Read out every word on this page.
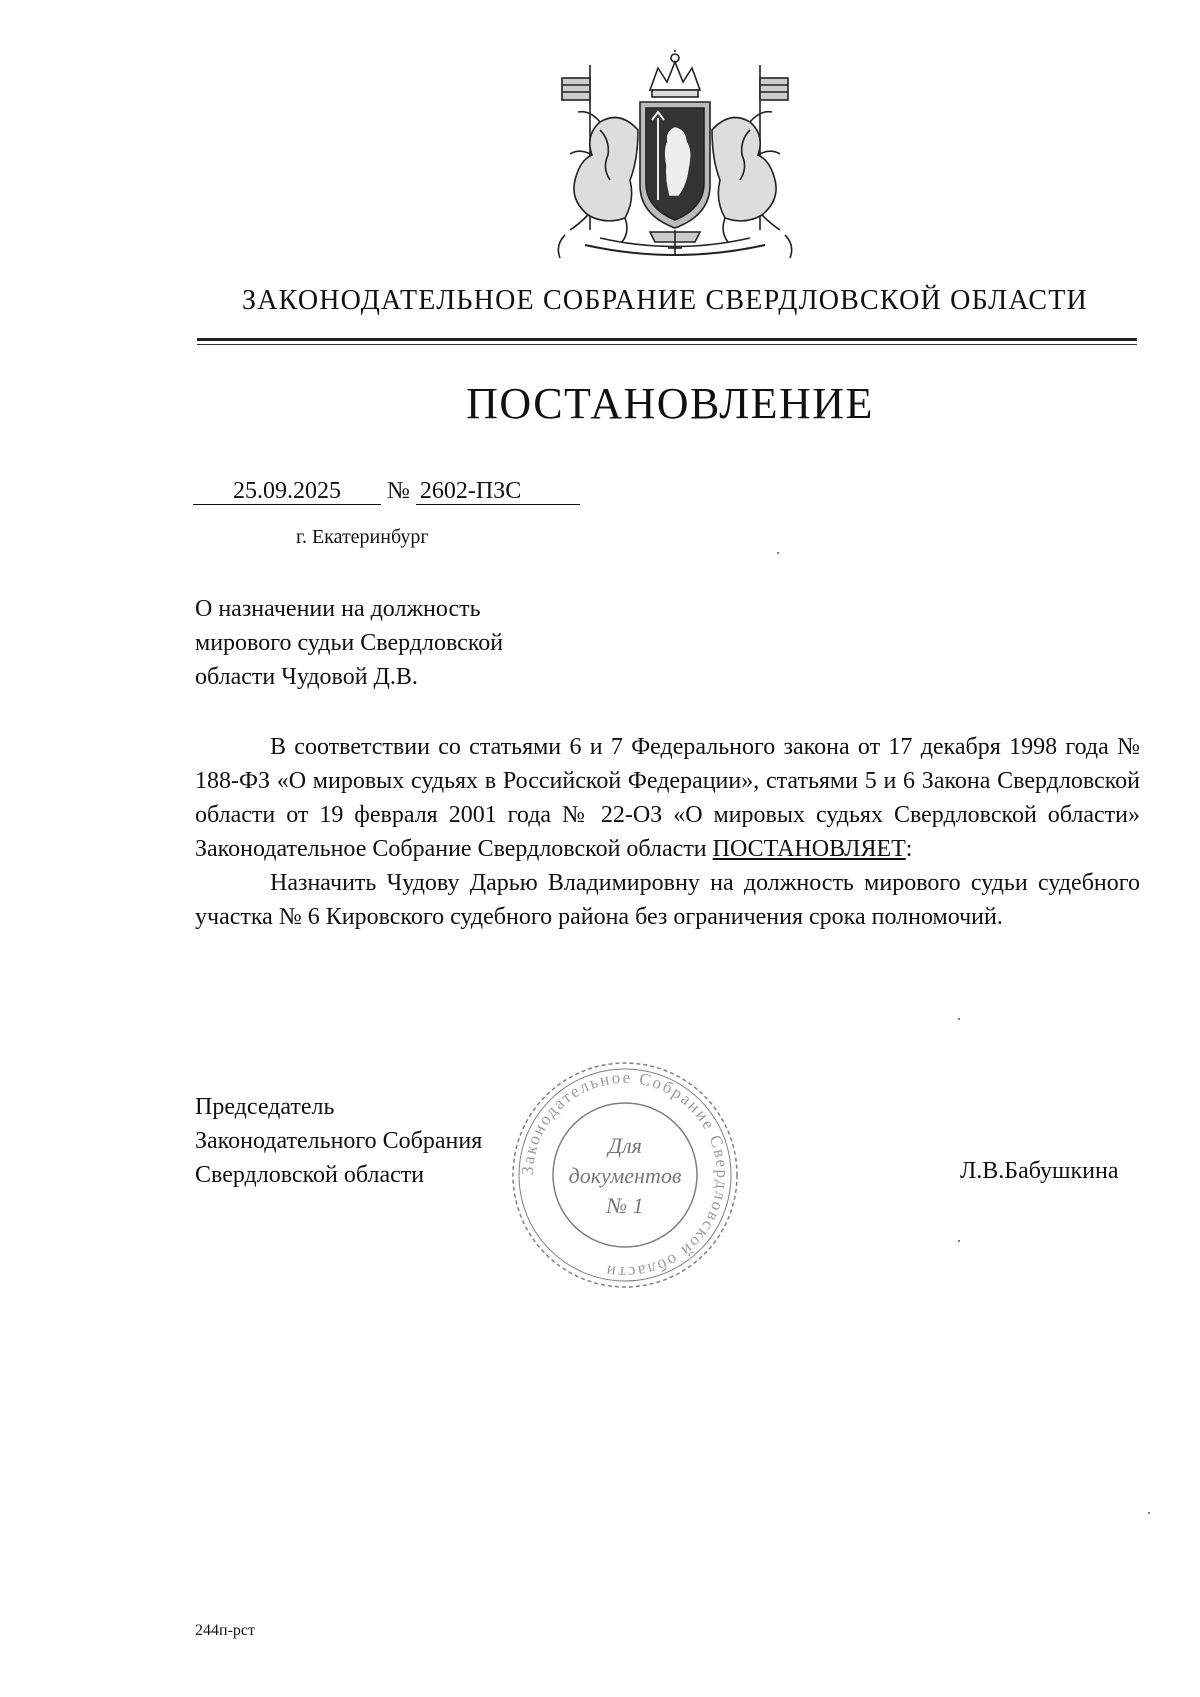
ЗАКОНОДАТЕЛЬНОЕ СОБРАНИЕ СВЕРДЛОВСКОЙ ОБЛАСТИ
ПОСТАНОВЛЕНИЕ
25.09.2025 № 2602-ПЗС
г. Екатеринбург
О назначении на должность
мирового судьи Свердловской
области Чудовой Д.В.

В соответствии со статьями 6 и 7 Федерального закона от 17 декабря 1998 года № 188-ФЗ «О мировых судьях в Российской Федерации», статьями 5 и 6 Закона Свердловской области от 19 февраля 2001 года № 22-ОЗ «О мировых судьях Свердловской области» Законодательное Собрание Свердловской области ПОСТАНОВЛЯЕТ:

Назначить Чудову Дарью Владимировну на должность мирового судьи судебного участка № 6 Кировского судебного района без ограничения срока полномочий.

Председатель
Законодательного Собрания
Свердловской области	Законодательное Собрание Свердловской области
Для
документов
№ 1
Л.В.Бабушкина
244п-рст
